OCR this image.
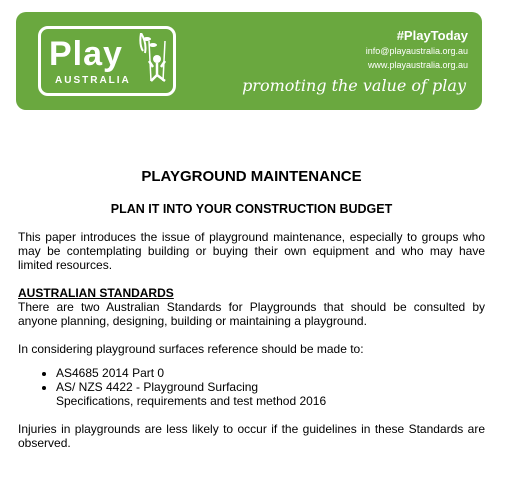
Play
AUSTRALIA
#PlayToday
info@playaustralia.org.au
www.playaustralia.org.au
promoting the value of play

PLAYGROUND MAINTENANCE

PLAN IT INTO YOUR CONSTRUCTION BUDGET

This paper introduces the issue of playground maintenance, especially to groups who may be contemplating building or buying their own equipment and who may have limited resources.

AUSTRALIAN STANDARDS

There are two Australian Standards for Playgrounds that should be consulted by anyone planning, designing, building or maintaining a playground.

In considering playground surfaces reference should be made to:

• AS4685 2014 Part 0
• AS/ NZS 4422 - Playground Surfacing
Specifications, requirements and test method 2016

Injuries in playgrounds are less likely to occur if the guidelines in these Standards are observed.
